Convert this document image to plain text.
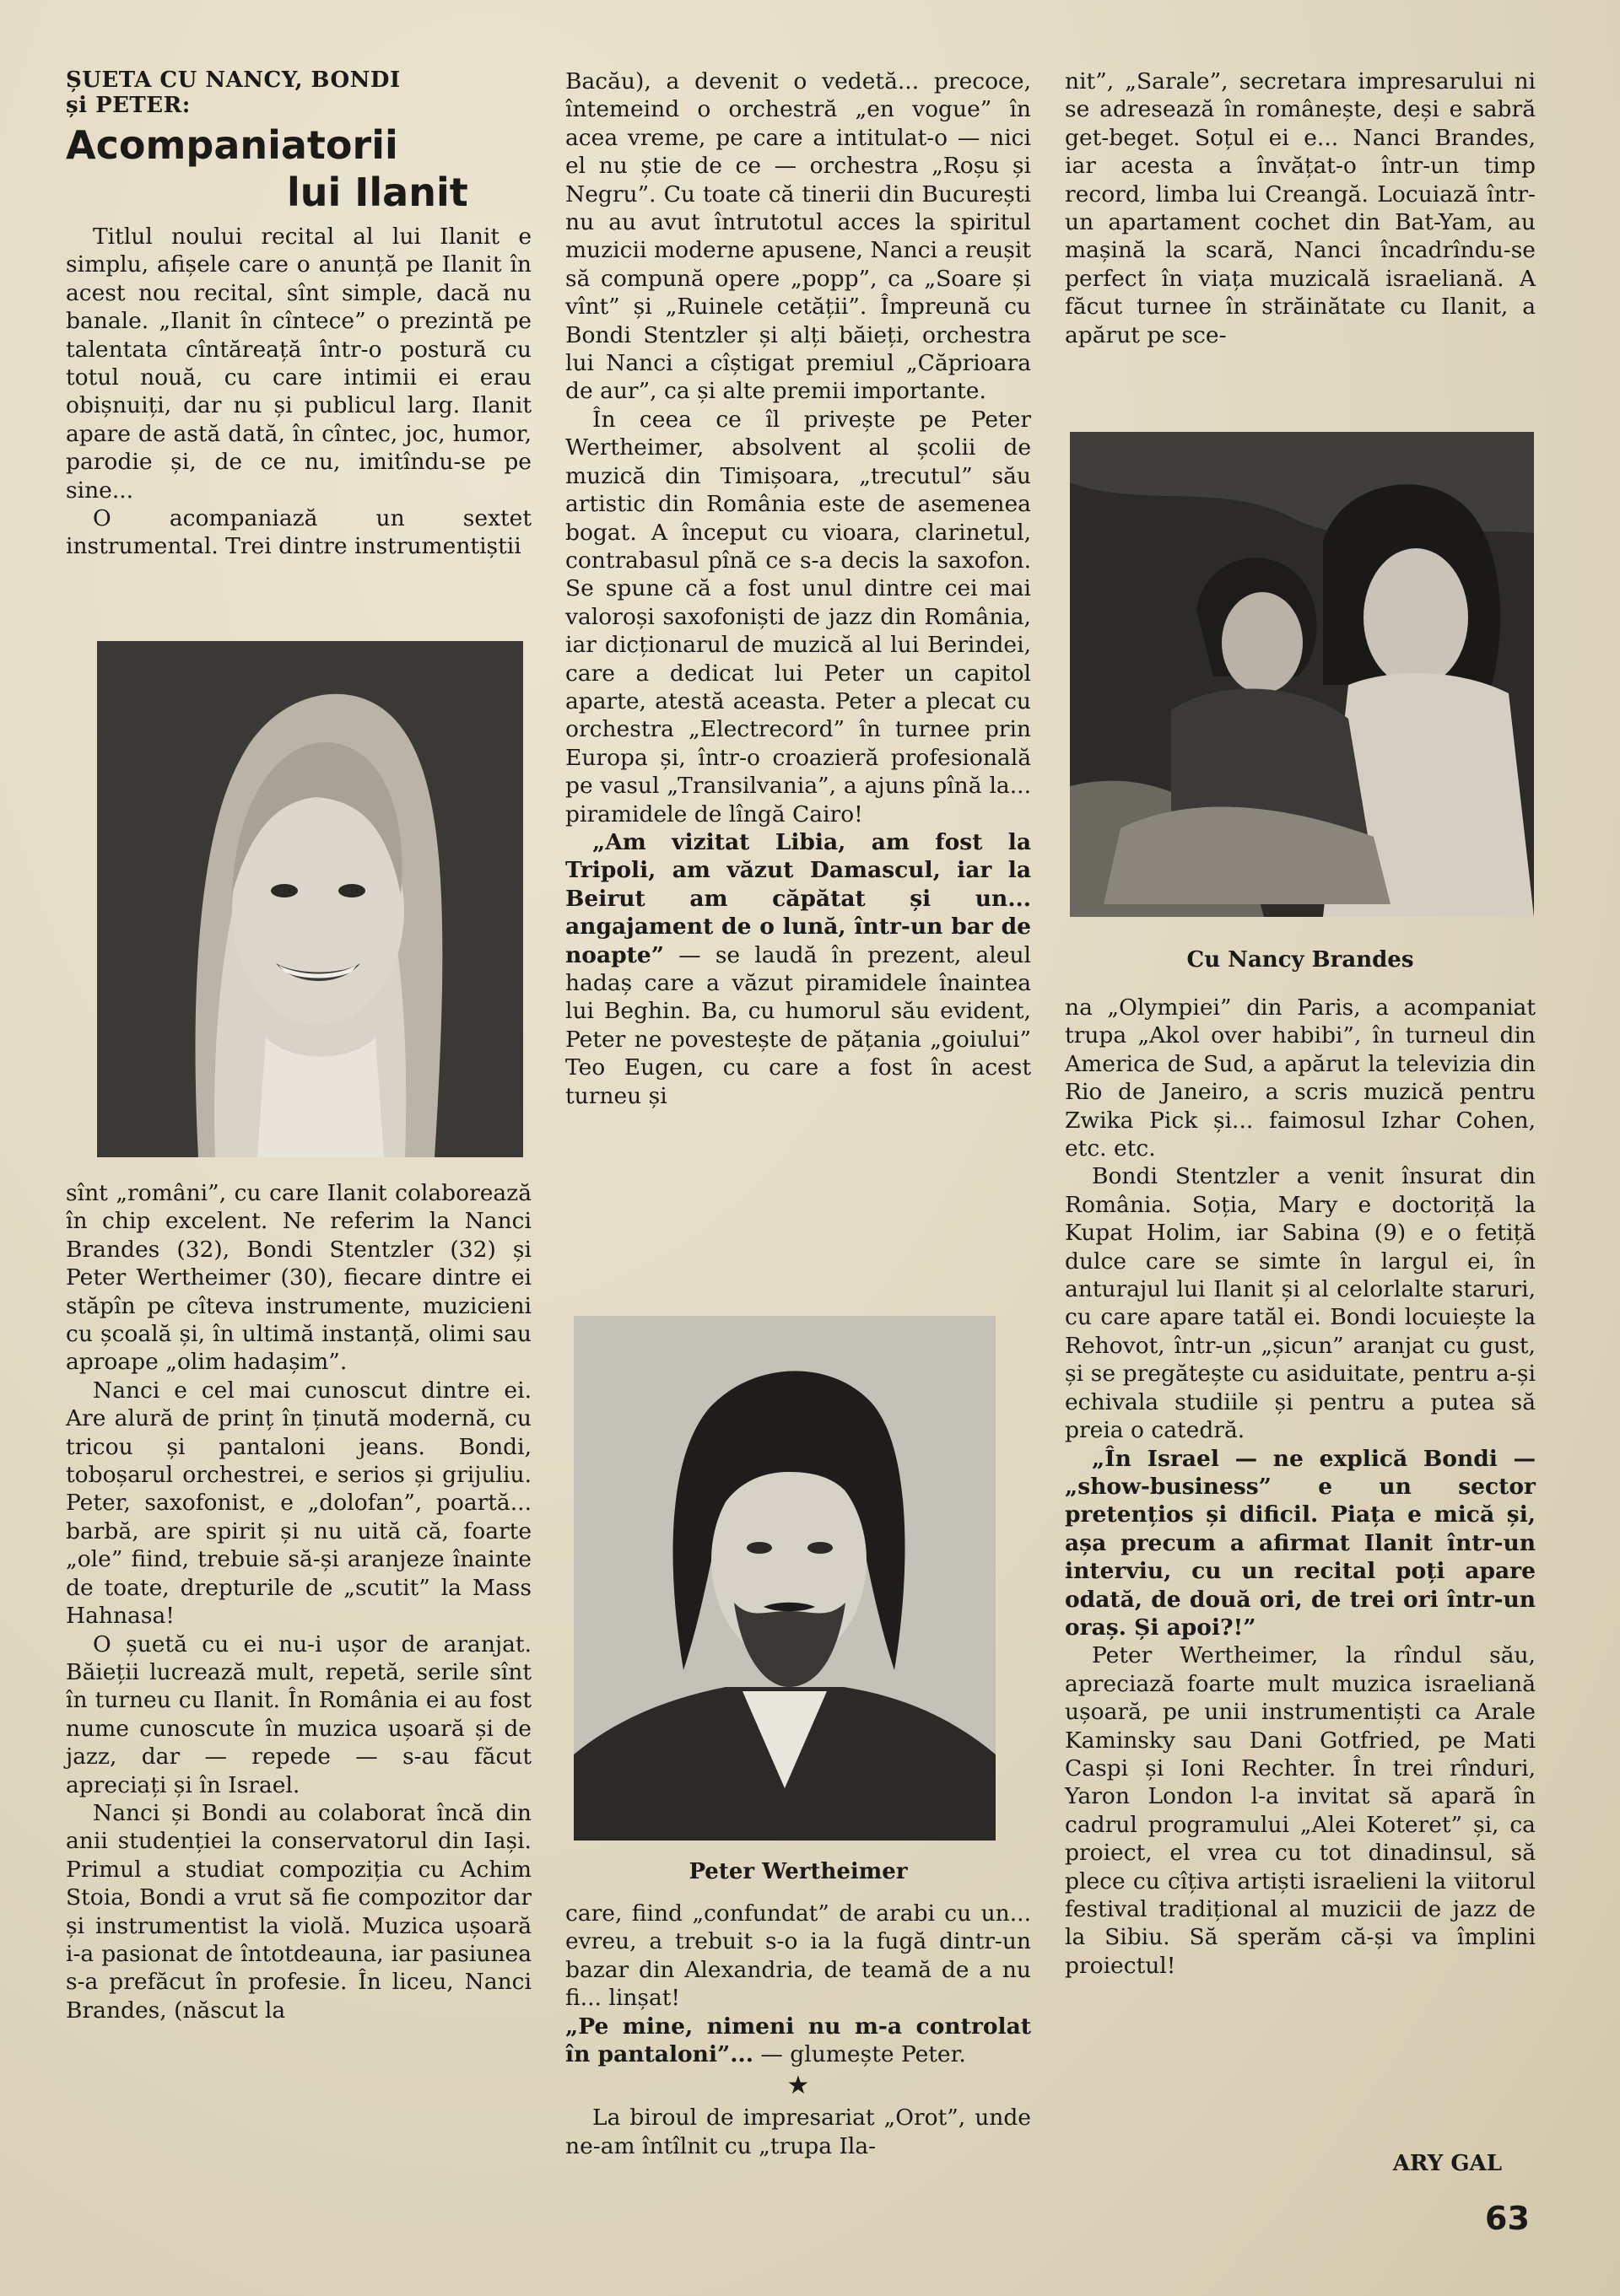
ȘUETA CU NANCY, BONDI

și PETER:

Acompaniatorii
lui Ilanit

Titlul noului recital al lui Ilanit e simplu, afișele care o anunță pe Ilanit în acest nou recital, sînt simple, dacă nu banale. „Ilanit în cîntece” o prezintă pe talentata cîntăreață într-o postură cu totul nouă, cu care intimii ei erau obișnuiți, dar nu și publicul larg. Ilanit apare de astă dată, în cîntec, joc, humor, parodie și, de ce nu, imitîndu-se pe sine...

O acompaniază un sextet instrumental. Trei dintre instrumentiștii

sînt „români”, cu care Ilanit colaborează în chip excelent. Ne referim la Nanci Brandes (32), Bondi Stentzler (32) și Peter Wertheimer (30), fiecare dintre ei stăpîn pe cîteva instrumente, muzicieni cu școală și, în ultimă instanță, olimi sau aproape „olim hadașim”.

Nanci e cel mai cunoscut dintre ei. Are alură de prinț în ținută modernă, cu tricou și pantaloni jeans. Bondi, toboșarul orchestrei, e serios și grijuliu. Peter, saxofonist, e „dolofan”, poartă... barbă, are spirit și nu uită că, foarte „ole” fiind, trebuie să-și aranjeze înainte de toate, drepturile de „scutit” la Mass Hahnasa!

O șuetă cu ei nu-i ușor de aranjat. Băieții lucrează mult, repetă, serile sînt în turneu cu Ilanit. În România ei au fost nume cunoscute în muzica ușoară și de jazz, dar — repede — s-au făcut apreciați și în Israel.

Nanci și Bondi au colaborat încă din anii studenției la conservatorul din Iași. Primul a studiat compoziția cu Achim Stoia, Bondi a vrut să fie compozitor dar și instrumentist la violă. Muzica ușoară i-a pasionat de întotdeauna, iar pasiunea s-a prefăcut în profesie. În liceu, Nanci Brandes, (născut la

Bacău), a devenit o vedetă... precoce, întemeind o orchestră „en vogue” în acea vreme, pe care a intitulat-o — nici el nu știe de ce — orchestra „Roșu și Negru”. Cu toate că tinerii din București nu au avut întrutotul acces la spiritul muzicii moderne apusene, Nanci a reușit să compună opere „popp”, ca „Soare și vînt” și „Ruinele cetății”. Împreună cu Bondi Stentzler și alți băieți, orchestra lui Nanci a cîștigat premiul „Căprioara de aur”, ca și alte premii importante.

În ceea ce îl privește pe Peter Wertheimer, absolvent al școlii de muzică din Timișoara, „trecutul” său artistic din România este de asemenea bogat. A început cu vioara, clarinetul, contrabasul pînă ce s-a decis la saxofon. Se spune că a fost unul dintre cei mai valoroși saxofoniști de jazz din România, iar dicționarul de muzică al lui Berindei, care a dedicat lui Peter un capitol aparte, atestă aceasta. Peter a plecat cu orchestra „Electrecord” în turnee prin Europa și, într-o croazieră profesională pe vasul „Transilvania”, a ajuns pînă la... piramidele de lîngă Cairo!

„Am vizitat Libia, am fost la Tripoli, am văzut Damascul, iar la Beirut am căpătat și un... angajament de o lună, într-un bar de noapte” — se laudă în prezent, aleul hadaș care a văzut piramidele înaintea lui Beghin. Ba, cu humorul său evident, Peter ne povestește de pățania „goiului” Teo Eugen, cu care a fost în acest turneu și

Peter Wertheimer

care, fiind „confundat” de arabi cu un... evreu, a trebuit s-o ia la fugă dintr-un bazar din Alexandria, de teamă de a nu fi... linșat!

„Pe mine, nimeni nu m-a controlat în pantaloni”... — glumește Peter.

★

La biroul de impresariat „Orot”, unde ne-am întîlnit cu „trupa Ila-

nit”, „Sarale”, secretara impresarului ni se adresează în românește, deși e sabră get-beget. Soțul ei e... Nanci Brandes, iar acesta a învățat-o într-un timp record, limba lui Creangă. Locuiază într-un apartament cochet din Bat-Yam, au mașină la scară, Nanci încadrîndu-se perfect în viața muzicală israeliană. A făcut turnee în străinătate cu Ilanit, a apărut pe sce-

Cu Nancy Brandes

na „Olympiei” din Paris, a acompaniat trupa „Akol over habibi”, în turneul din America de Sud, a apărut la televizia din Rio de Janeiro, a scris muzică pentru Zwika Pick și... faimosul Izhar Cohen, etc. etc.

Bondi Stentzler a venit însurat din România. Soția, Mary e doctoriță la Kupat Holim, iar Sabina (9) e o fetiță dulce care se simte în largul ei, în anturajul lui Ilanit și al celorlalte staruri, cu care apare tatăl ei. Bondi locuiește la Rehovot, într-un „șicun” aranjat cu gust, și se pregătește cu asiduitate, pentru a-și echivala studiile și pentru a putea să preia o catedră.

„În Israel — ne explică Bondi — „show-business” e un sector pretențios și dificil. Piața e mică și, așa precum a afirmat Ilanit într-un interviu, cu un recital poți apare odată, de două ori, de trei ori într-un oraș. Și apoi?!”

Peter Wertheimer, la rîndul său, apreciază foarte mult muzica israeliană ușoară, pe unii instrumentiști ca Arale Kaminsky sau Dani Gotfried, pe Mati Caspi și Ioni Rechter. În trei rînduri, Yaron London l-a invitat să apară în cadrul programului „Alei Koteret” și, ca proiect, el vrea cu tot dinadinsul, să plece cu cîțiva artiști israelieni la viitorul festival tradițional al muzicii de jazz de la Sibiu. Să sperăm că-și va împlini proiectul!

ARY GAL
63
